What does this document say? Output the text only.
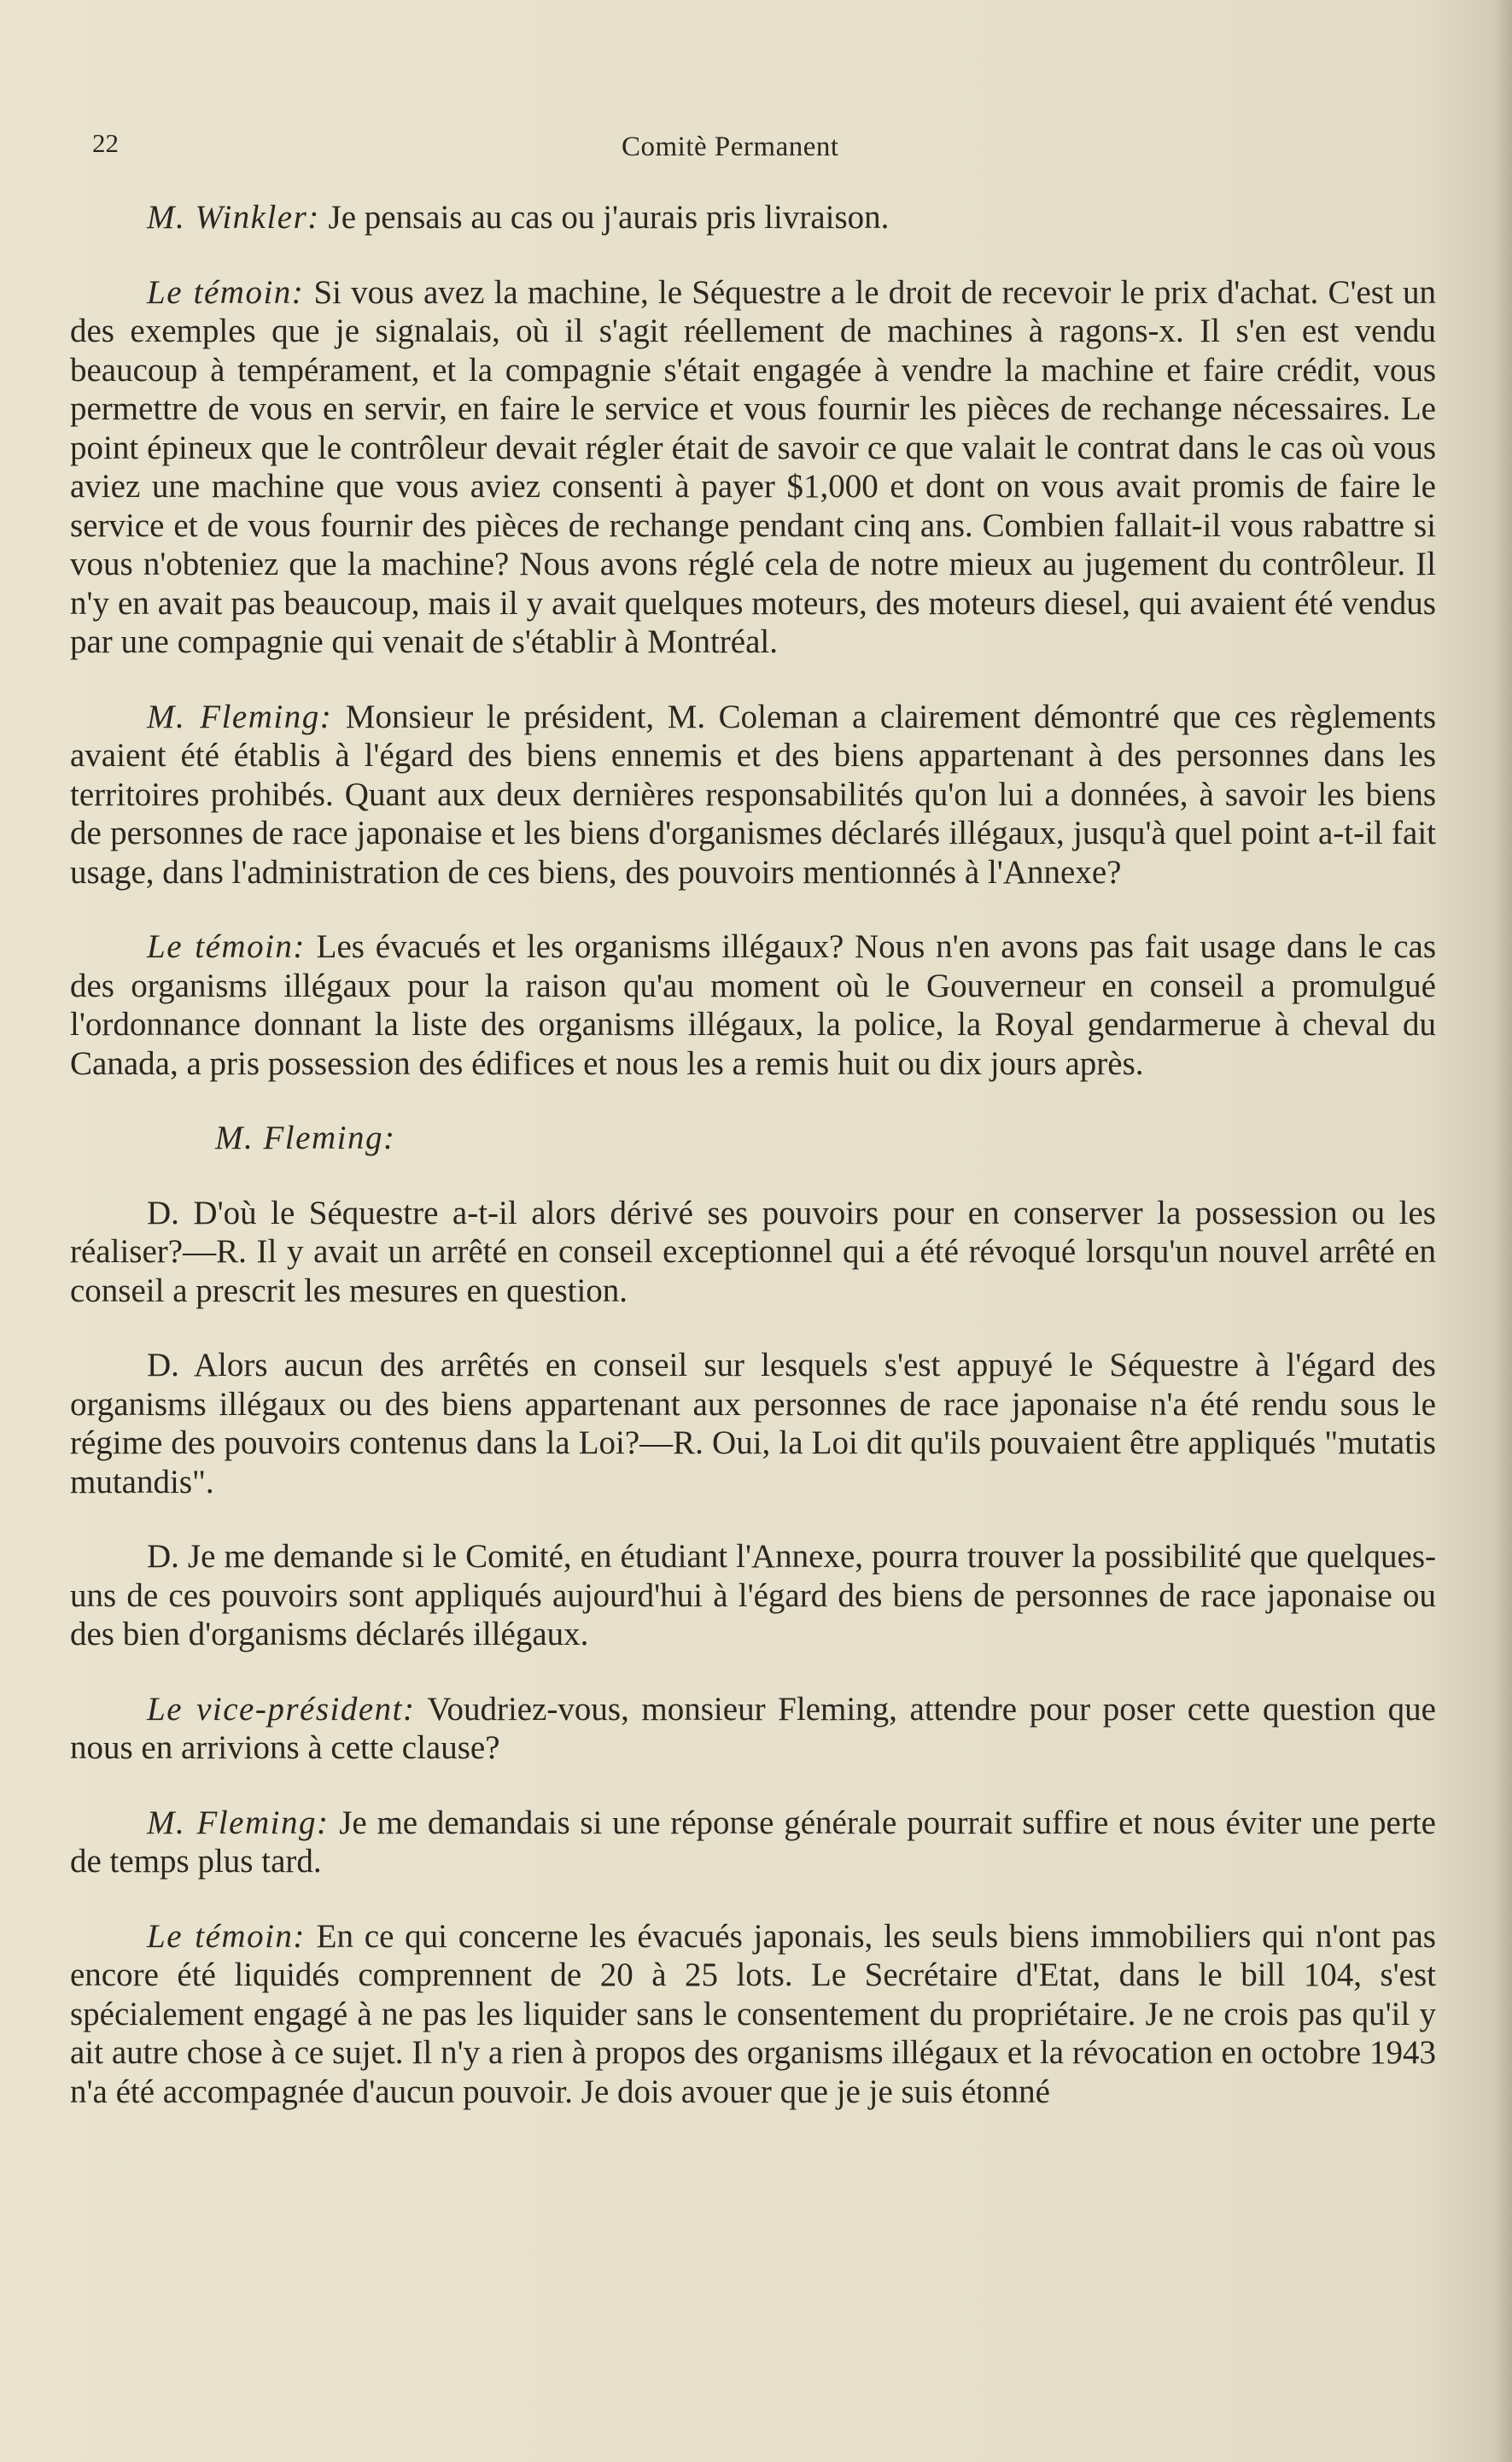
22	Comitè Permanent

M. Winkler: Je pensais au cas ou j'aurais pris livraison.

Le témoin: Si vous avez la machine, le Séquestre a le droit de recevoir le prix d'achat. C'est un des exemples que je signalais, où il s'agit réellement de machines à ragons-x. Il s'en est vendu beaucoup à tempérament, et la compagnie s'était engagée à vendre la machine et faire crédit, vous permettre de vous en servir, en faire le service et vous fournir les pièces de rechange nécessaires. Le point épineux que le contrôleur devait régler était de savoir ce que valait le contrat dans le cas où vous aviez une machine que vous aviez consenti à payer $1,000 et dont on vous avait promis de faire le service et de vous fournir des pièces de rechange pendant cinq ans. Combien fallait-il vous rabattre si vous n'obteniez que la machine? Nous avons réglé cela de notre mieux au jugement du contrôleur. Il n'y en avait pas beaucoup, mais il y avait quelques moteurs, des moteurs diesel, qui avaient été vendus par une compagnie qui venait de s'établir à Montréal.

M. Fleming: Monsieur le président, M. Coleman a clairement démontré que ces règlements avaient été établis à l'égard des biens ennemis et des biens appartenant à des personnes dans les territoires prohibés. Quant aux deux dernières responsabilités qu'on lui a données, à savoir les biens de personnes de race japonaise et les biens d'organismes déclarés illégaux, jusqu'à quel point a-t-il fait usage, dans l'administration de ces biens, des pouvoirs mentionnés à l'Annexe?

Le témoin: Les évacués et les organisms illégaux? Nous n'en avons pas fait usage dans le cas des organisms illégaux pour la raison qu'au moment où le Gouverneur en conseil a promulgué l'ordonnance donnant la liste des organisms illégaux, la police, la Royal gendarmerue à cheval du Canada, a pris possession des édifices et nous les a remis huit ou dix jours après.

M. Fleming:

D. D'où le Séquestre a-t-il alors dérivé ses pouvoirs pour en conserver la possession ou les réaliser?—R. Il y avait un arrêté en conseil exceptionnel qui a été révoqué lorsqu'un nouvel arrêté en conseil a prescrit les mesures en question.

D. Alors aucun des arrêtés en conseil sur lesquels s'est appuyé le Séquestre à l'égard des organisms illégaux ou des biens appartenant aux personnes de race japonaise n'a été rendu sous le régime des pouvoirs contenus dans la Loi?—R. Oui, la Loi dit qu'ils pouvaient être appliqués "mutatis mutandis".

D. Je me demande si le Comité, en étudiant l'Annexe, pourra trouver la possibilité que quelques-uns de ces pouvoirs sont appliqués aujourd'hui à l'égard des biens de personnes de race japonaise ou des bien d'organisms déclarés illégaux.

Le vice-président: Voudriez-vous, monsieur Fleming, attendre pour poser cette question que nous en arrivions à cette clause?

M. Fleming: Je me demandais si une réponse générale pourrait suffire et nous éviter une perte de temps plus tard.

Le témoin: En ce qui concerne les évacués japonais, les seuls biens immobiliers qui n'ont pas encore été liquidés comprennent de 20 à 25 lots. Le Secrétaire d'Etat, dans le bill 104, s'est spécialement engagé à ne pas les liquider sans le consentement du propriétaire. Je ne crois pas qu'il y ait autre chose à ce sujet. Il n'y a rien à propos des organisms illégaux et la révocation en octobre 1943 n'a été accompagnée d'aucun pouvoir. Je dois avouer que je je suis étonné
